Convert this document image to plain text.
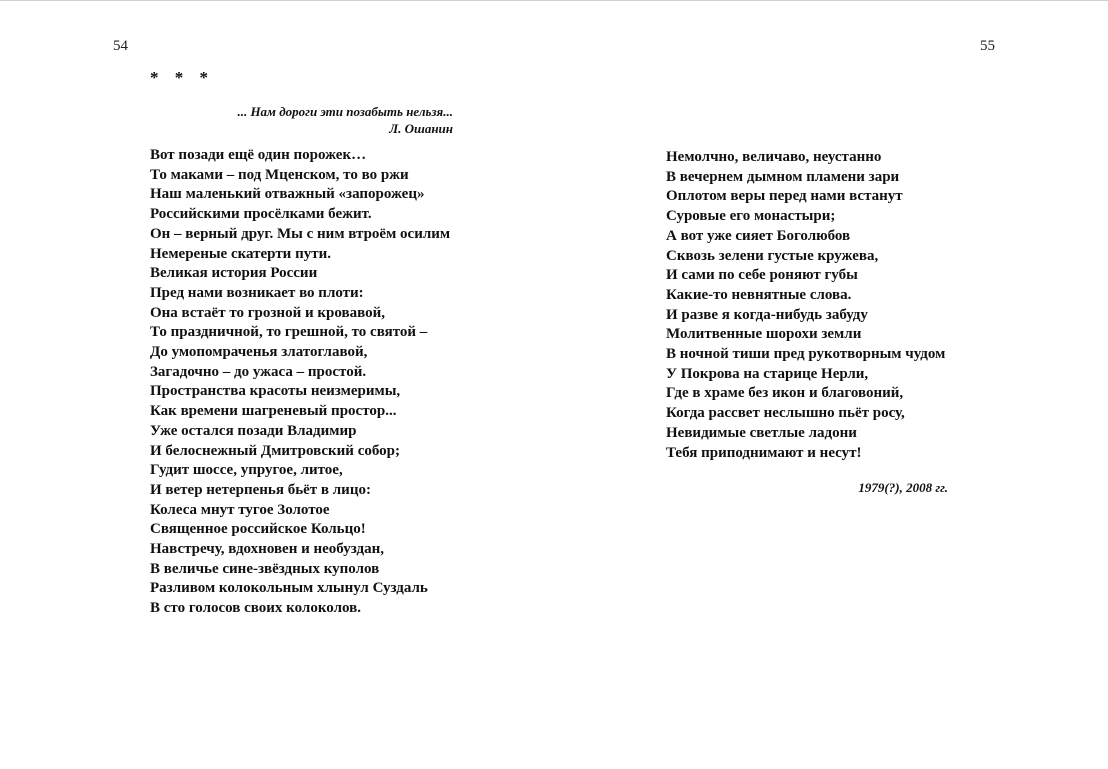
54	55
* * *
... Нам дороги эти позабыть нельзя...
Л. Ошанин
Вот позади ещё один порожек…
То маками – под Мценском, то во ржи
Наш маленький отважный «запорожец»
Российскими просёлками бежит.
Он – верный друг. Мы с ним втроём осилим
Немереные скатерти пути.
Великая история России
Пред нами возникает во плоти:
Она встаёт то грозной и кровавой,
То праздничной, то грешной, то святой –
До умопомраченья златоглавой,
Загадочно – до ужаса – простой.
Пространства красоты неизмеримы,
Как времени шагреневый простор...
Уже остался позади Владимир
И белоснежный Дмитровский собор;
Гудит шоссе, упругое, литое,
И ветер нетерпенья бьёт в лицо:
Колеса мнут тугое Золотое
Священное российское Кольцо!
Навстречу, вдохновен и необуздан,
В величье сине-звёздных куполов
Разливом колокольным хлынул Суздаль
В сто голосов своих колоколов.
Немолчно, величаво, неустанно
В вечернем дымном пламени зари
Оплотом веры перед нами встанут
Суровые его монастыри;
А вот уже сияет Боголюбов
Сквозь зелени густые кружева,
И сами по себе роняют губы
Какие-то невнятные слова.
И разве я когда-нибудь забуду
Молитвенные шорохи земли
В ночной тиши пред рукотворным чудом
У Покрова на старице Нерли,
Где в храме без икон и благовоний,
Когда рассвет неслышно пьёт росу,
Невидимые светлые ладони
Тебя приподнимают и несут!
1979(?), 2008 гг.
